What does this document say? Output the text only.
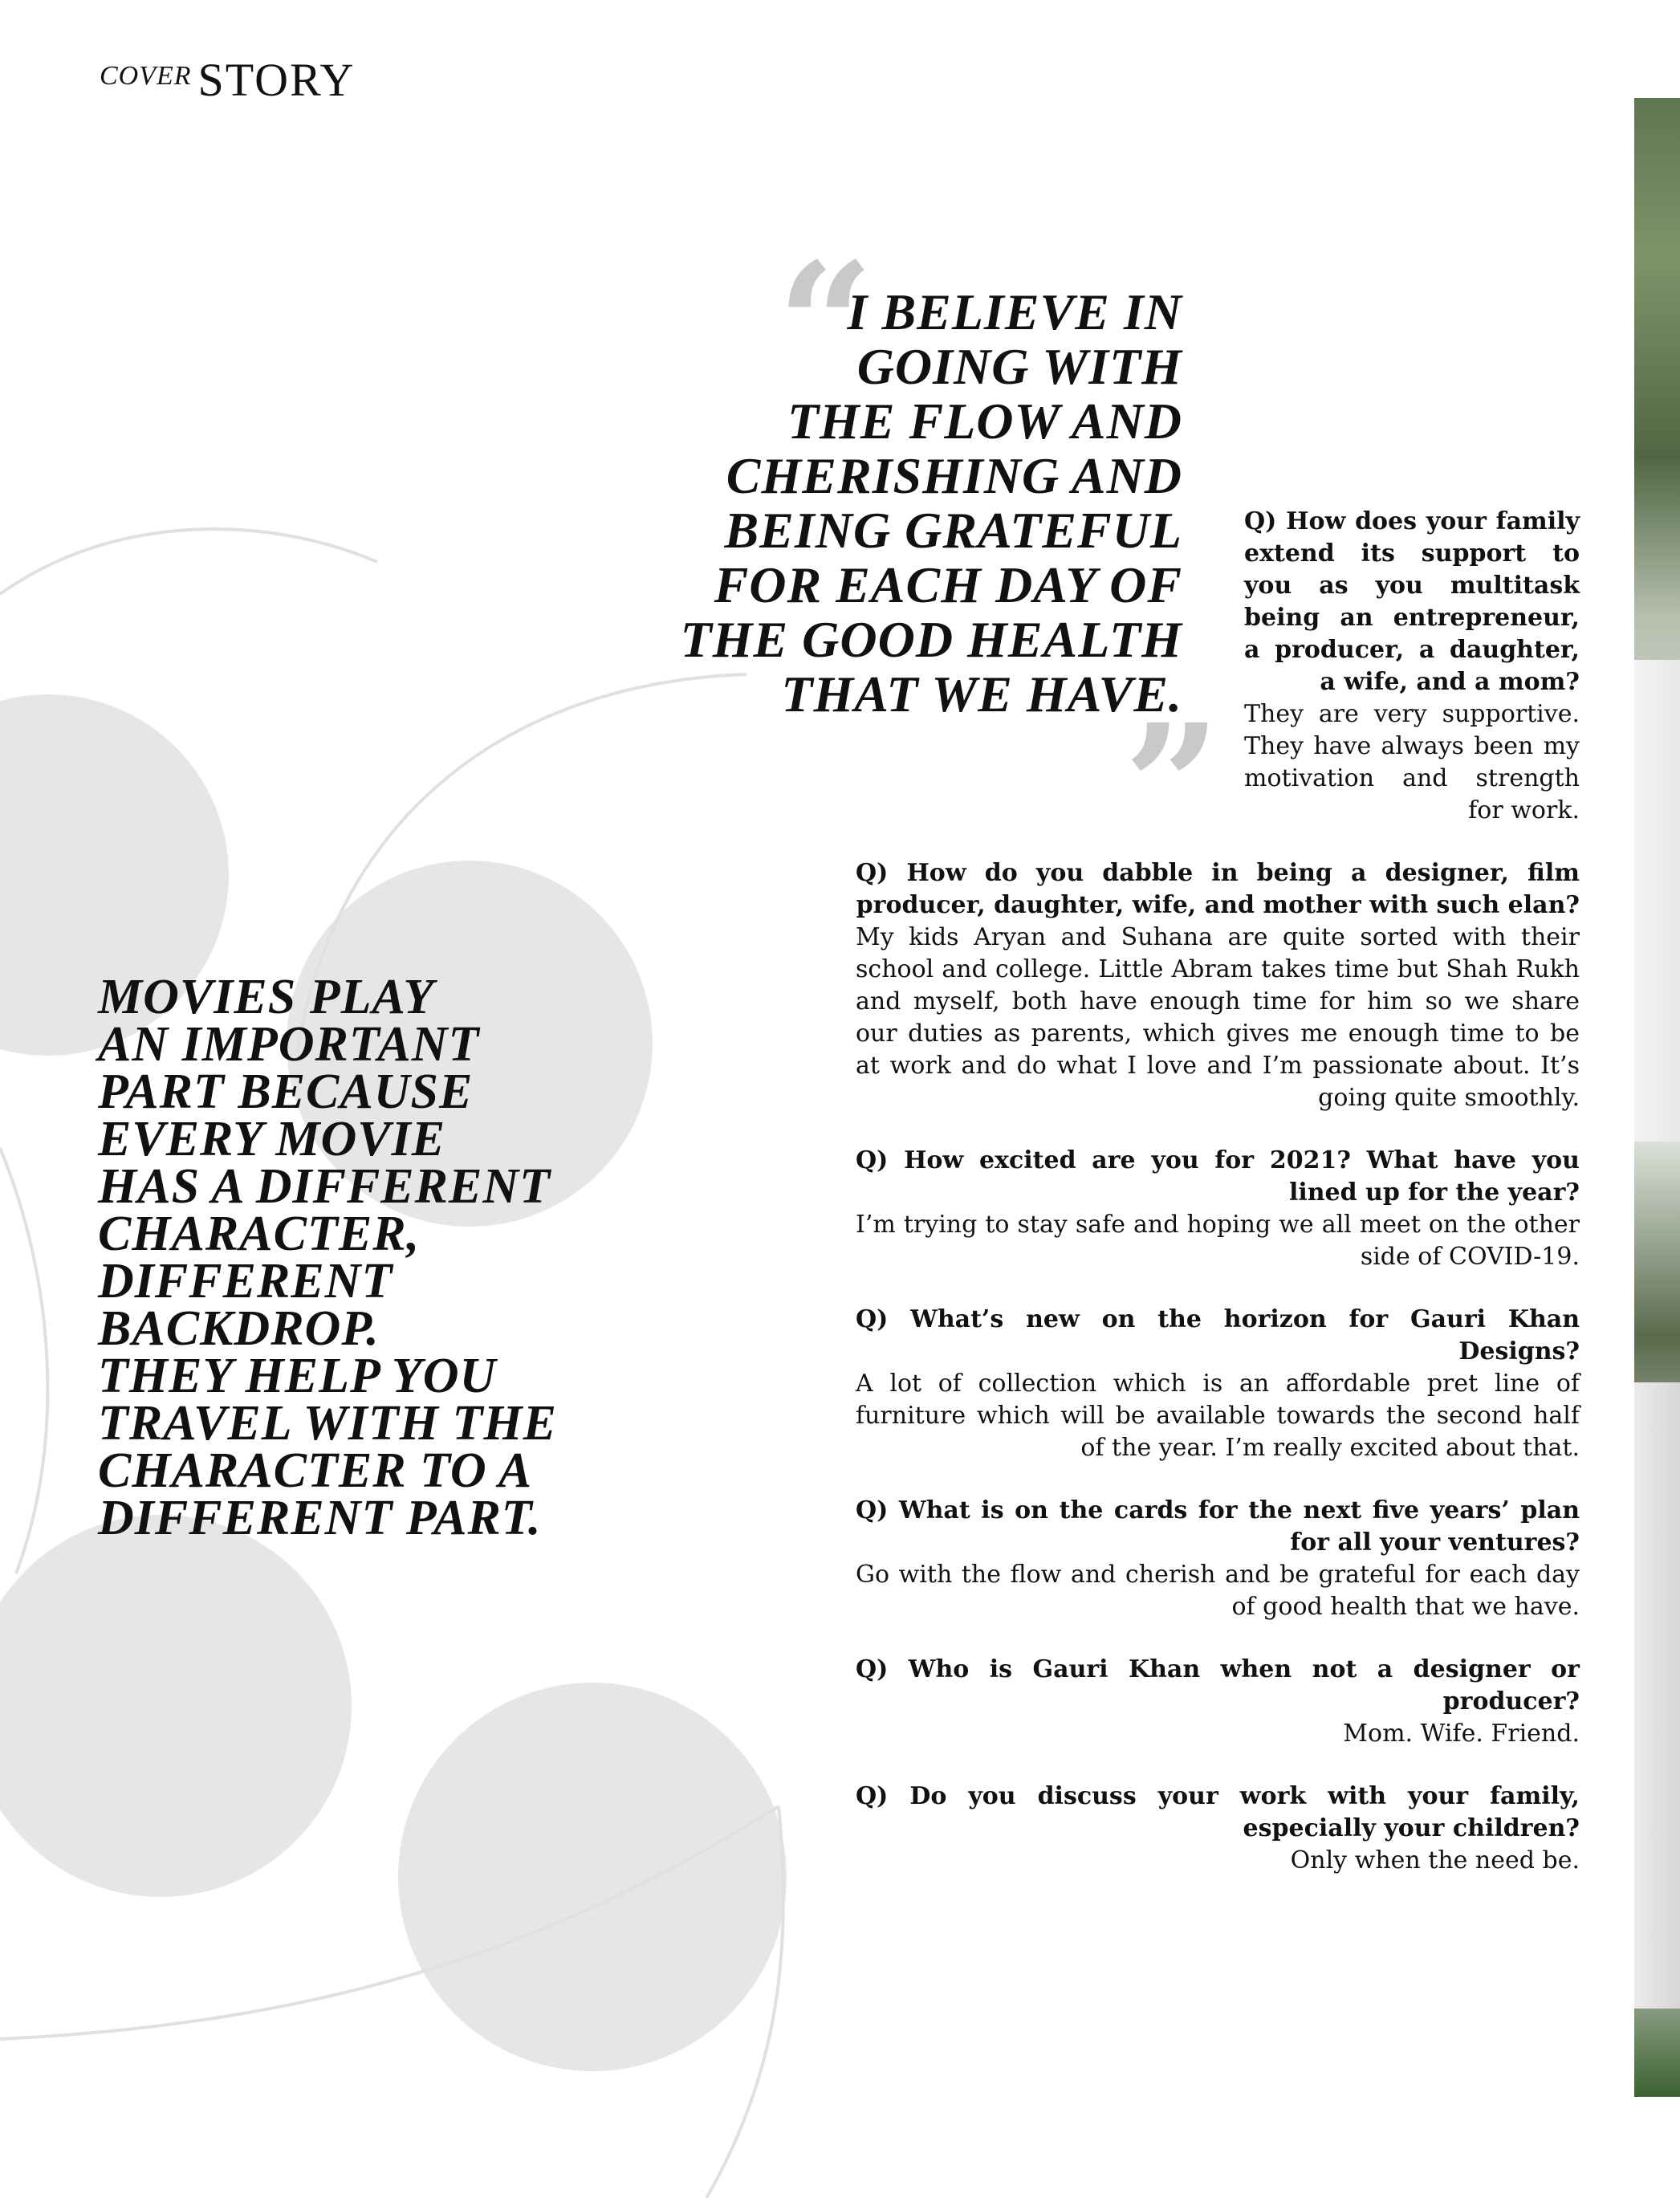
COVER STORY
“
”
I BELIEVE IN
GOING WITH
THE FLOW AND
CHERISHING AND
BEING GRATEFUL
FOR EACH DAY OF
THE GOOD HEALTH
THAT WE HAVE.
MOVIES PLAY
AN IMPORTANT
PART BECAUSE
EVERY MOVIE
HAS A DIFFERENT
CHARACTER,
DIFFERENT
BACKDROP.
THEY HELP YOU
TRAVEL WITH THE
CHARACTER TO A
DIFFERENT PART.
Q) How does your family extend its support to you as you multitask being an entrepreneur, a producer, a daughter, a wife, and a mom?
They are very supportive. They have always been my motivation and strength for work.
Q) How do you dabble in being a designer, film producer, daughter, wife, and mother with such elan?
My kids Aryan and Suhana are quite sorted with their school and college. Little Abram takes time but Shah Rukh and myself, both have enough time for him so we share our duties as parents, which gives me enough time to be at work and do what I love and I’m passionate about. It’s going quite smoothly.
Q) How excited are you for 2021? What have you lined up for the year?
I’m trying to stay safe and hoping we all meet on the other side of COVID-19.
Q) What’s new on the horizon for Gauri Khan Designs?
A lot of collection which is an affordable pret line of furniture which will be available towards the second half of the year. I’m really excited about that.
Q) What is on the cards for the next five years’ plan for all your ventures?
Go with the flow and cherish and be grateful for each day of good health that we have.
Q) Who is Gauri Khan when not a designer or producer?
Mom. Wife. Friend.
Q) Do you discuss your work with your family, especially your children?
Only when the need be.
